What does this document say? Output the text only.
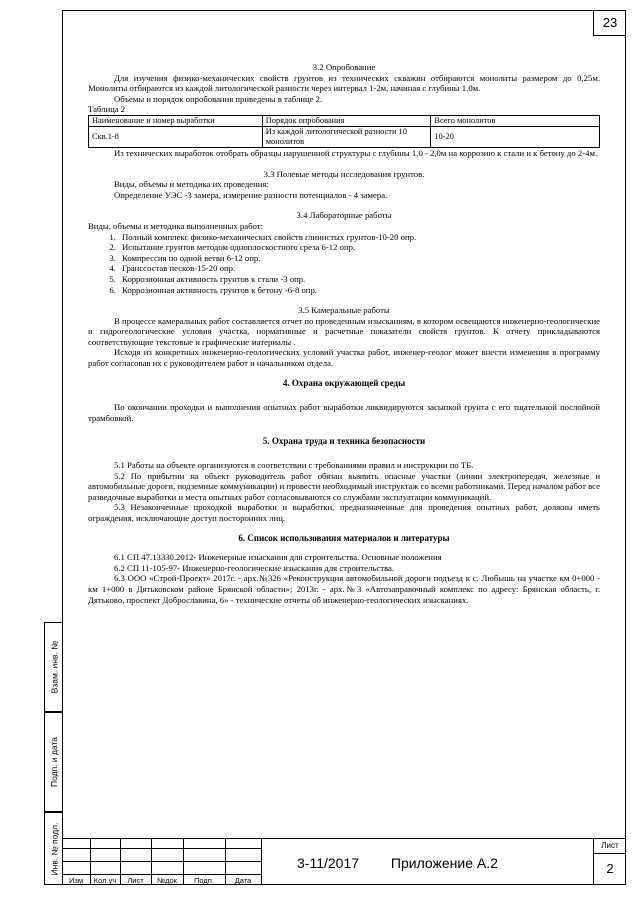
23
Взам. инв. №
Подп. и дата
Инв. № подл.
3.2 Опробование
Для изучения физико-механических свойств грунтов из технических скважин отбираются монолиты размером до 0,25м. Монолиты отбираются из каждой литологической разности через интервал 1-2м, начиная с глубины 1.0м.
Объемы и порядок опробования приведены в таблице 2.
Таблица 2
Наименование и номер выработки	Порядок опробования	Всего монолитов
Скв.1-8	Из каждой литологической разности 10 монолитов	10-20
Из технических выработок отобрать образцы нарушенной структуры с глубины 1,0 - 2,0м на коррозию к стали и к бетону до 2-4м.
3.3 Полевые методы исследования грунтов.
Виды, объемы и методика их проведения:
Определение УЭС -3 замера, измерение разности потенциалов - 4 замера.
3.4 Лабораторные работы
Виды, объемы и методика выполненных работ:
1. Полный комплекс физико-механических свойств глинистых грунтов-10-20 опр.
2. Испытание грунтов методом одноплоскостного среза 6-12 опр.
3. Компрессия по одной ветви 6-12 опр.
4. Гранссостав песков-15-20 опр.
5. Коррозионная активность грунтов к стали -3 опр.
6. Коррозионная активность грунтов к бетону -6-8 опр.
3.5 Камеральные работы
В процессе камеральных работ составляется отчет по проведенным изысканиям, в котором освещаются инженерно-геологические и гидрогеологические условия участка, нормативные и расчетные показатели свойств грунтов. К отчету прикладываются соответствующие текстовые и графические материалы .
Исходя из конкретных инженерно-геологических условий участка работ, инженер-геолог может внести изменения в программу работ согласовав их с руководителем работ и начальником отдела.
4. Охрана окружающей среды
По окончании проходки и выполнения опытных работ выработки ликвидируются засыпкой грунта с его тщательной послойной трамбовкой.
5. Охрана труда и техника безопасности
5.1 Работы на объекте организуются в соответствии с требованиями правил и инструкции по ТБ.
5.2 По прибытии на объект руководитель работ обязан выявить опасные участки (линии электропередач, железные и автомобильные дороги, подземные коммуникации) и провести необходимый инструктаж со всеми работниками. Перед началом работ все разведочные выработки и места опытных работ согласовываются со службами эксплуатации коммуникаций.
5.3 Незаконченные проходкой выработки и выработки, предназначенные для проведения опытных работ, должны иметь ограждения, исключающие доступ посторонних лиц.
6. Список использования материалов и литературы
6.1 СП 47.13330.2012- Инженерные изыскания для строительства. Основные положения
6.2 СП 11-105-97- Инженерно-геологические изыскания для строительства.
6.3 ООО «Строй-Проект» 2017г. - арх.№326 «Реконструкция автомобильной дороги подъезд к с. Любышь на участке км 0+000 - км 1+000 в Дятьковском районе Брянской области»; 2013г. - арх.№3 «Автозаправочный комплекс по адресу: Брянская область, г. Дятьково, проспект Доброславина, 6» - технические отчеты об инженерно-геологических изысканиях.
Изм	Кол.уч	Лист	№док	Подп.	Дата
3-11/2017 Приложение А.2
Лист
2
